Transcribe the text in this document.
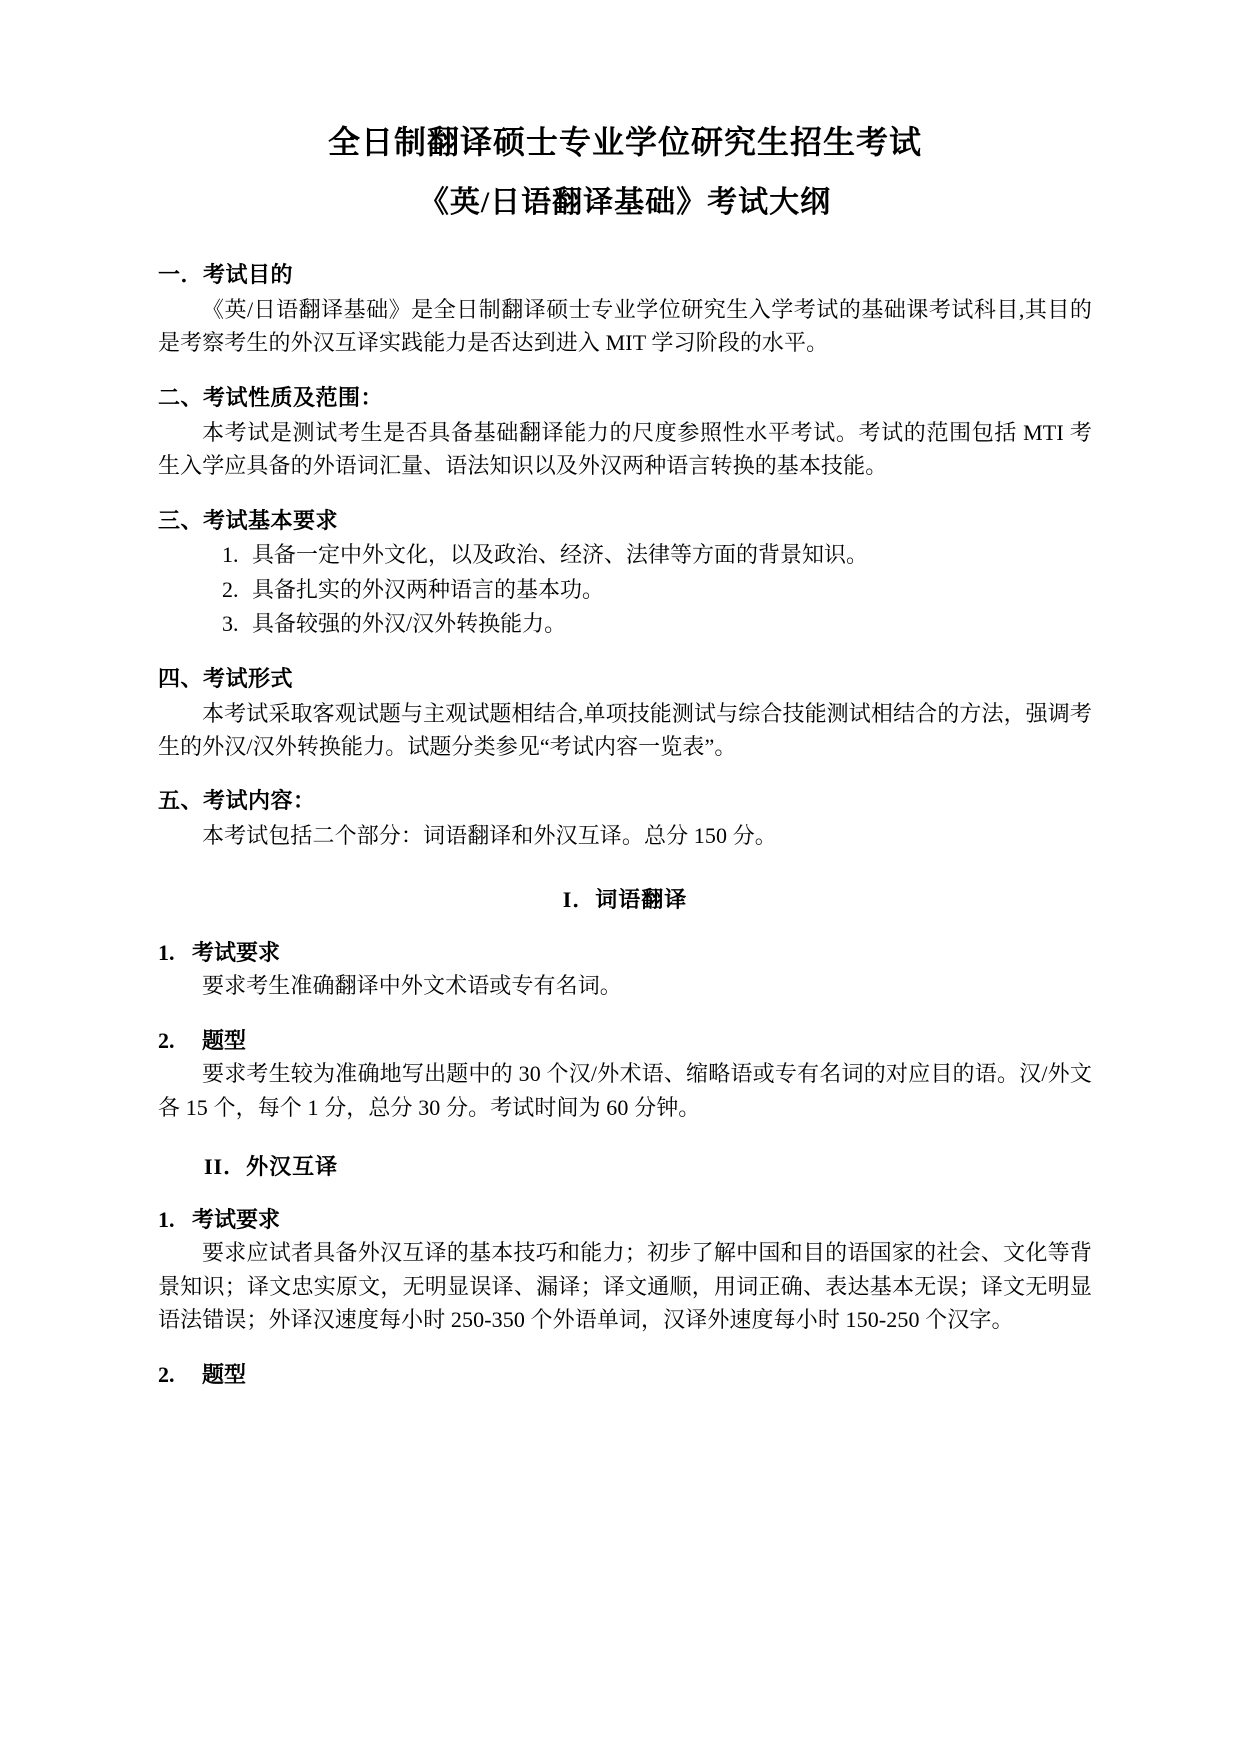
全日制翻译硕士专业学位研究生招生考试
《英/日语翻译基础》考试大纲
一．考试目的

《英/日语翻译基础》是全日制翻译硕士专业学位研究生入学考试的基础课考试科目,其目的是考察考生的外汉互译实践能力是否达到进入 MIT 学习阶段的水平。

二、考试性质及范围：

本考试是测试考生是否具备基础翻译能力的尺度参照性水平考试。考试的范围包括 MTI 考生入学应具备的外语词汇量、语法知识以及外汉两种语言转换的基本技能。

三、考试基本要求
1. 具备一定中外文化，以及政治、经济、法律等方面的背景知识。
2. 具备扎实的外汉两种语言的基本功。
3. 具备较强的外汉/汉外转换能力。
四、考试形式

本考试采取客观试题与主观试题相结合,单项技能测试与综合技能测试相结合的方法，强调考生的外汉/汉外转换能力。试题分类参见“考试内容一览表”。

五、考试内容：

本考试包括二个部分：词语翻译和外汉互译。总分 150 分。

I．词语翻译
1. 考试要求

要求考生准确翻译中外文术语或专有名词。

2. 题型

要求考生较为准确地写出题中的 30 个汉/外术语、缩略语或专有名词的对应目的语。汉/外文各 15 个，每个 1 分，总分 30 分。考试时间为 60 分钟。

II．外汉互译
1. 考试要求

要求应试者具备外汉互译的基本技巧和能力；初步了解中国和目的语国家的社会、文化等背景知识；译文忠实原文，无明显误译、漏译；译文通顺，用词正确、表达基本无误；译文无明显语法错误；外译汉速度每小时 250-350 个外语单词，汉译外速度每小时 150-250 个汉字。

2. 题型
